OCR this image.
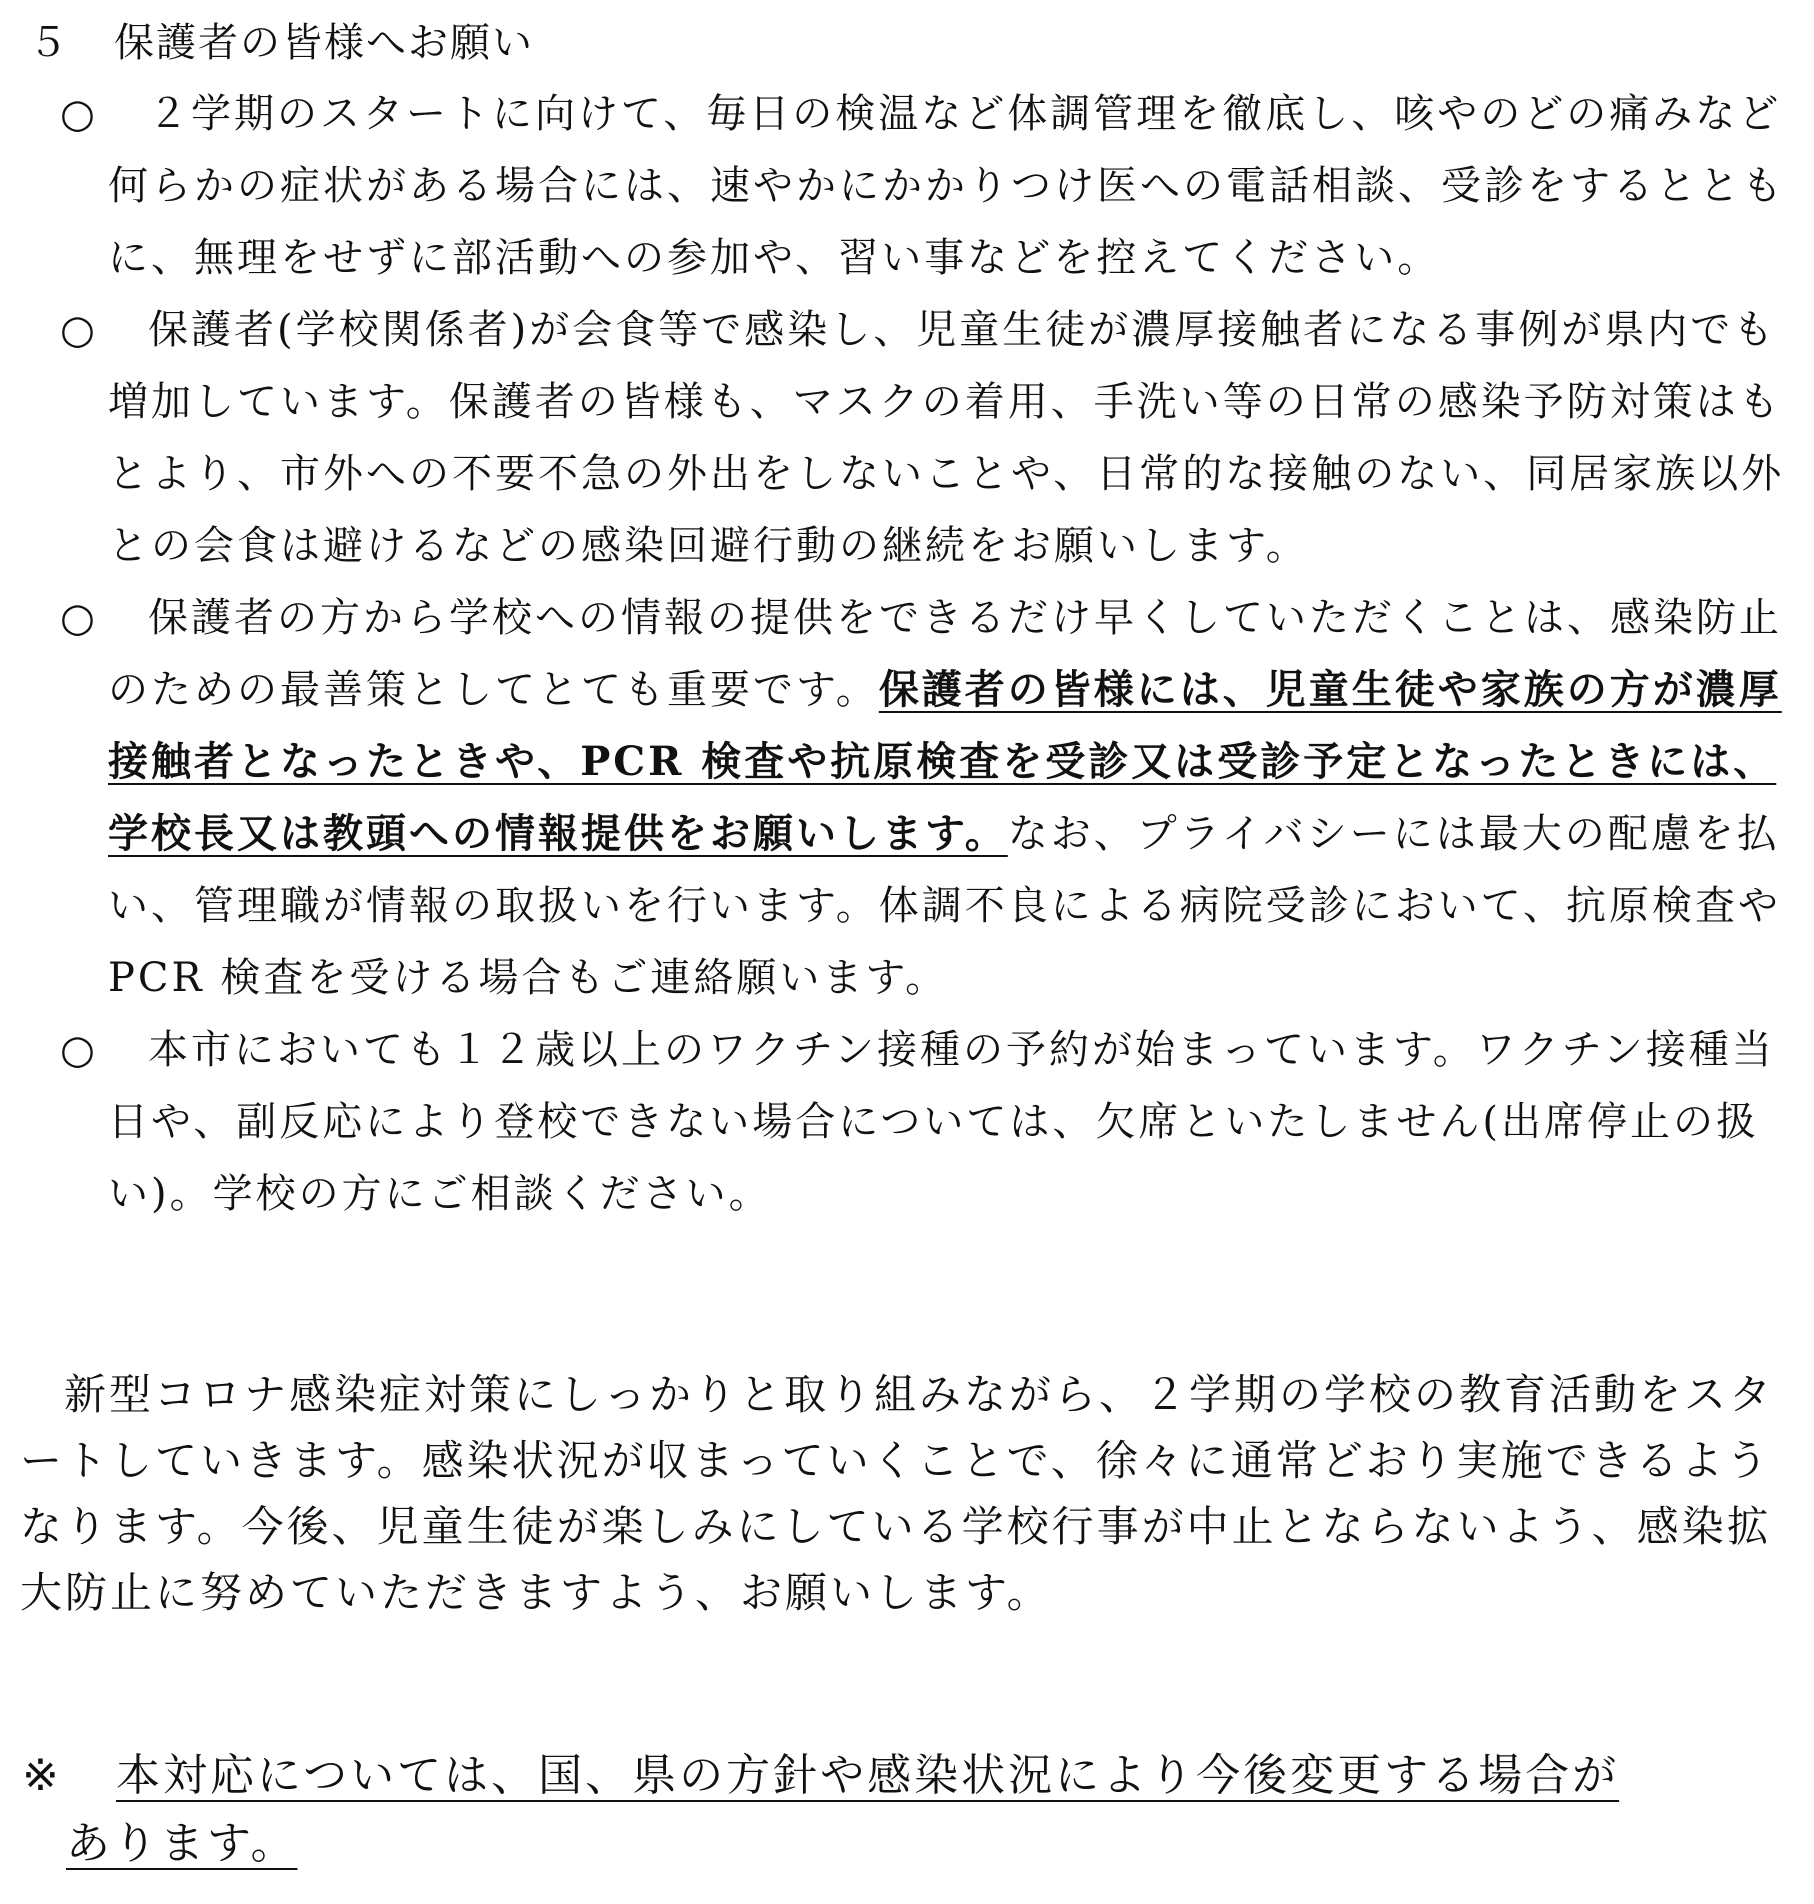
５ 保護者の皆様へお願い
○ ２学期のスタートに向けて、毎日の検温など体調管理を徹底し、咳やのどの痛みなど何らかの症状がある場合には、速やかにかかりつけ医への電話相談、受診をするとともに、無理をせずに部活動への参加や、習い事などを控えてください。
○ 保護者(学校関係者)が会食等で感染し、児童生徒が濃厚接触者になる事例が県内でも増加しています。保護者の皆様も、マスクの着用、手洗い等の日常の感染予防対策はもとより、市外への不要不急の外出をしないことや、日常的な接触のない、同居家族以外との会食は避けるなどの感染回避行動の継続をお願いします。
○ 保護者の方から学校への情報の提供をできるだけ早くしていただくことは、感染防止のための最善策としてとても重要です。保護者の皆様には、児童生徒や家族の方が濃厚接触者となったときや、PCR 検査や抗原検査を受診又は受診予定となったときには、学校長又は教頭への情報提供をお願いします。なお、プライバシーには最大の配慮を払い、管理職が情報の取扱いを行います。体調不良による病院受診において、抗原検査やPCR 検査を受ける場合もご連絡願います。
○ 本市においても１２歳以上のワクチン接種の予約が始まっています。ワクチン接種当日や、副反応により登校できない場合については、欠席といたしません(出席停止の扱い)。学校の方にご相談ください。
新型コロナ感染症対策にしっかりと取り組みながら、２学期の学校の教育活動をスタートしていきます。感染状況が収まっていくことで、徐々に通常どおり実施できるようなります。今後、児童生徒が楽しみにしている学校行事が中止とならないよう、感染拡大防止に努めていただきますよう、お願いします。
※ 本対応については、国、県の方針や感染状況により今後変更する場合が
あります。
